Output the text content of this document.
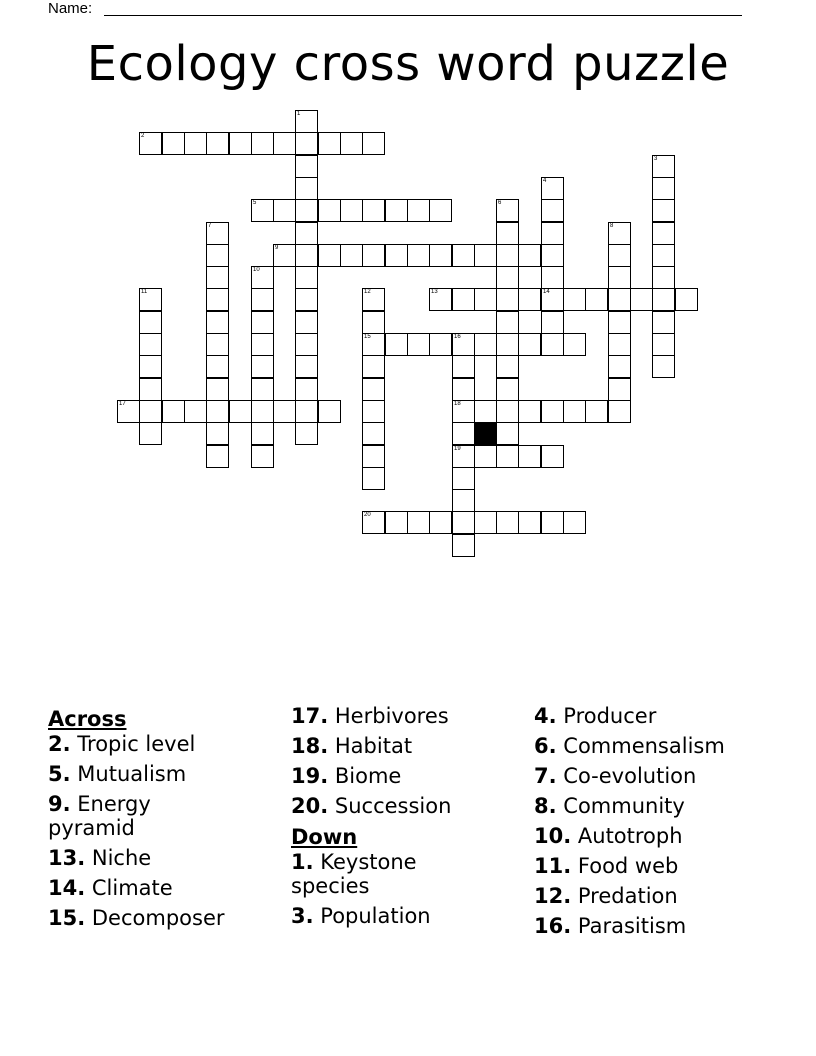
Name:
Ecology cross word puzzle
1
2
3
4
14
5	6
7	8
9
10
11	12
15
13
16
18
19
17
20
Across
2. Tropic level
5. Mutualism
9. Energy pyramid
13. Niche
14. Climate
15. Decomposer
17. Herbivores
18. Habitat
19. Biome
20. Succession
Down
1. Keystone species
3. Population
4. Producer
6. Commensalism
7. Co-evolution
8. Community
10. Autotroph
11. Food web
12. Predation
16. Parasitism
